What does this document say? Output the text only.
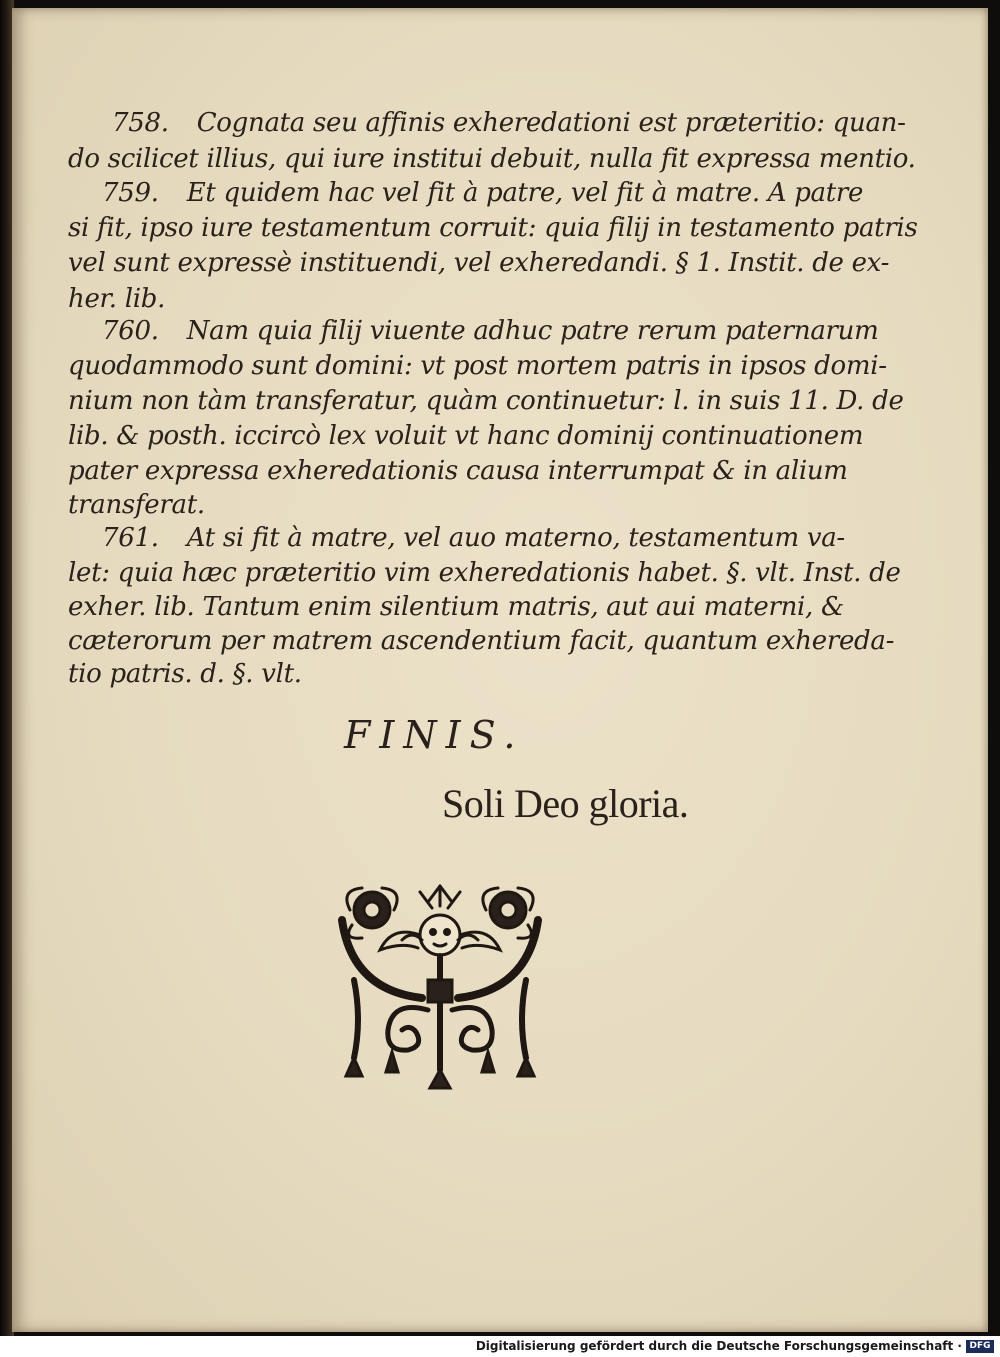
758. Cognata seu affinis exheredationi est præteritio: quan-
do scilicet illius, qui iure institui debuit, nulla fit expressa mentio.
759. Et quidem hac vel fit à patre, vel fit à matre. A patre
si fit, ipso iure testamentum corruit: quia filij in testamento patris
vel sunt expressè instituendi, vel exheredandi. § 1. Instit. de ex-
her. lib.
760. Nam quia filij viuente adhuc patre rerum paternarum
quodammodo sunt domini: vt post mortem patris in ipsos domi-
nium non tàm transferatur, quàm continuetur: l. in suis 11. D. de
lib. & posth. iccircò lex voluit vt hanc dominij continuationem
pater expressa exheredationis causa interrumpat & in alium
transferat.
761. At si fit à matre, vel auo materno, testamentum va-
let: quia hæc præteritio vim exheredationis habet. §. vlt. Inst. de
exher. lib. Tantum enim silentium matris, aut aui materni, &
cæterorum per matrem ascendentium facit, quantum exhereda-
tio patris. d. §. vlt.
FINIS.
Soli Deo gloria.
Digitalisierung gefördert durch die Deutsche Forschungsgemeinschaft · DFG
